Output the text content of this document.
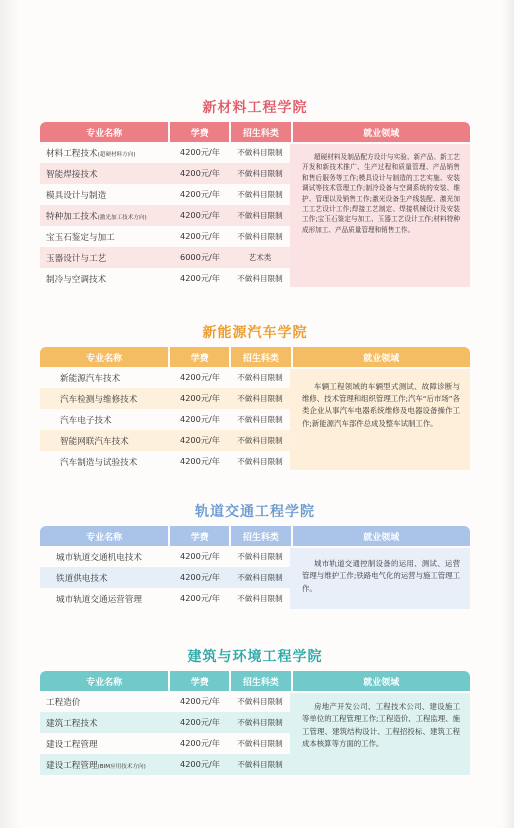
新材料工程学院
专业名称	学费	招生科类	就业领域
材料工程技术(超硬材料方向)	4200元/年	不做科目限制
智能焊接技术	4200元/年	不做科目限制
模具设计与制造	4200元/年	不做科目限制
特种加工技术(激光加工技术方向)	4200元/年	不做科目限制
宝玉石鉴定与加工	4200元/年	不做科目限制
玉器设计与工艺	6000元/年	艺术类
制冷与空调技术	4200元/年	不做科目限制
超硬材料及制品配方设计与实验、新产品、新工艺开发和新技术推广、生产过程和质量管理、产品销售和售后服务等工作;模具设计与制造的工艺实施、安装调试等技术管理工作;制冷设备与空调系统的安装、维护、管理以及销售工作;激光设备生产线装配、激光加工工艺设计工作;焊接工艺制定、焊接机械设计及安装工作;宝玉石鉴定与加工、玉器工艺设计工作;材料特种成形加工、产品质量管理和销售工作。
新能源汽车学院
专业名称	学费	招生科类	就业领域
新能源汽车技术	4200元/年	不做科目限制
汽车检测与维修技术	4200元/年	不做科目限制
汽车电子技术	4200元/年	不做科目限制
智能网联汽车技术	4200元/年	不做科目限制
汽车制造与试验技术	4200元/年	不做科目限制
车辆工程领域的车辆型式测试、故障诊断与维修、技术管理和组织管理工作;汽车“后市场”各类企业从事汽车电器系统维修及电器设备操作工作;新能源汽车部件总成及整车试制工作。
轨道交通工程学院
专业名称	学费	招生科类	就业领域
城市轨道交通机电技术	4200元/年	不做科目限制
铁道供电技术	4200元/年	不做科目限制
城市轨道交通运营管理	4200元/年	不做科目限制
城市轨道交通控制设备的运用、测试、运营管理与维护工作;铁路电气化的运营与施工管理工作。
建筑与环境工程学院
专业名称	学费	招生科类	就业领域
工程造价	4200元/年	不做科目限制
建筑工程技术	4200元/年	不做科目限制
建设工程管理	4200元/年	不做科目限制
建设工程管理(BIM应用技术方向)	4200元/年	不做科目限制
房地产开发公司、工程技术公司、建设施工等单位的工程管理工作;工程造价、工程监理、施工管理、建筑结构设计、工程招投标、建筑工程成本核算等方面的工作。
